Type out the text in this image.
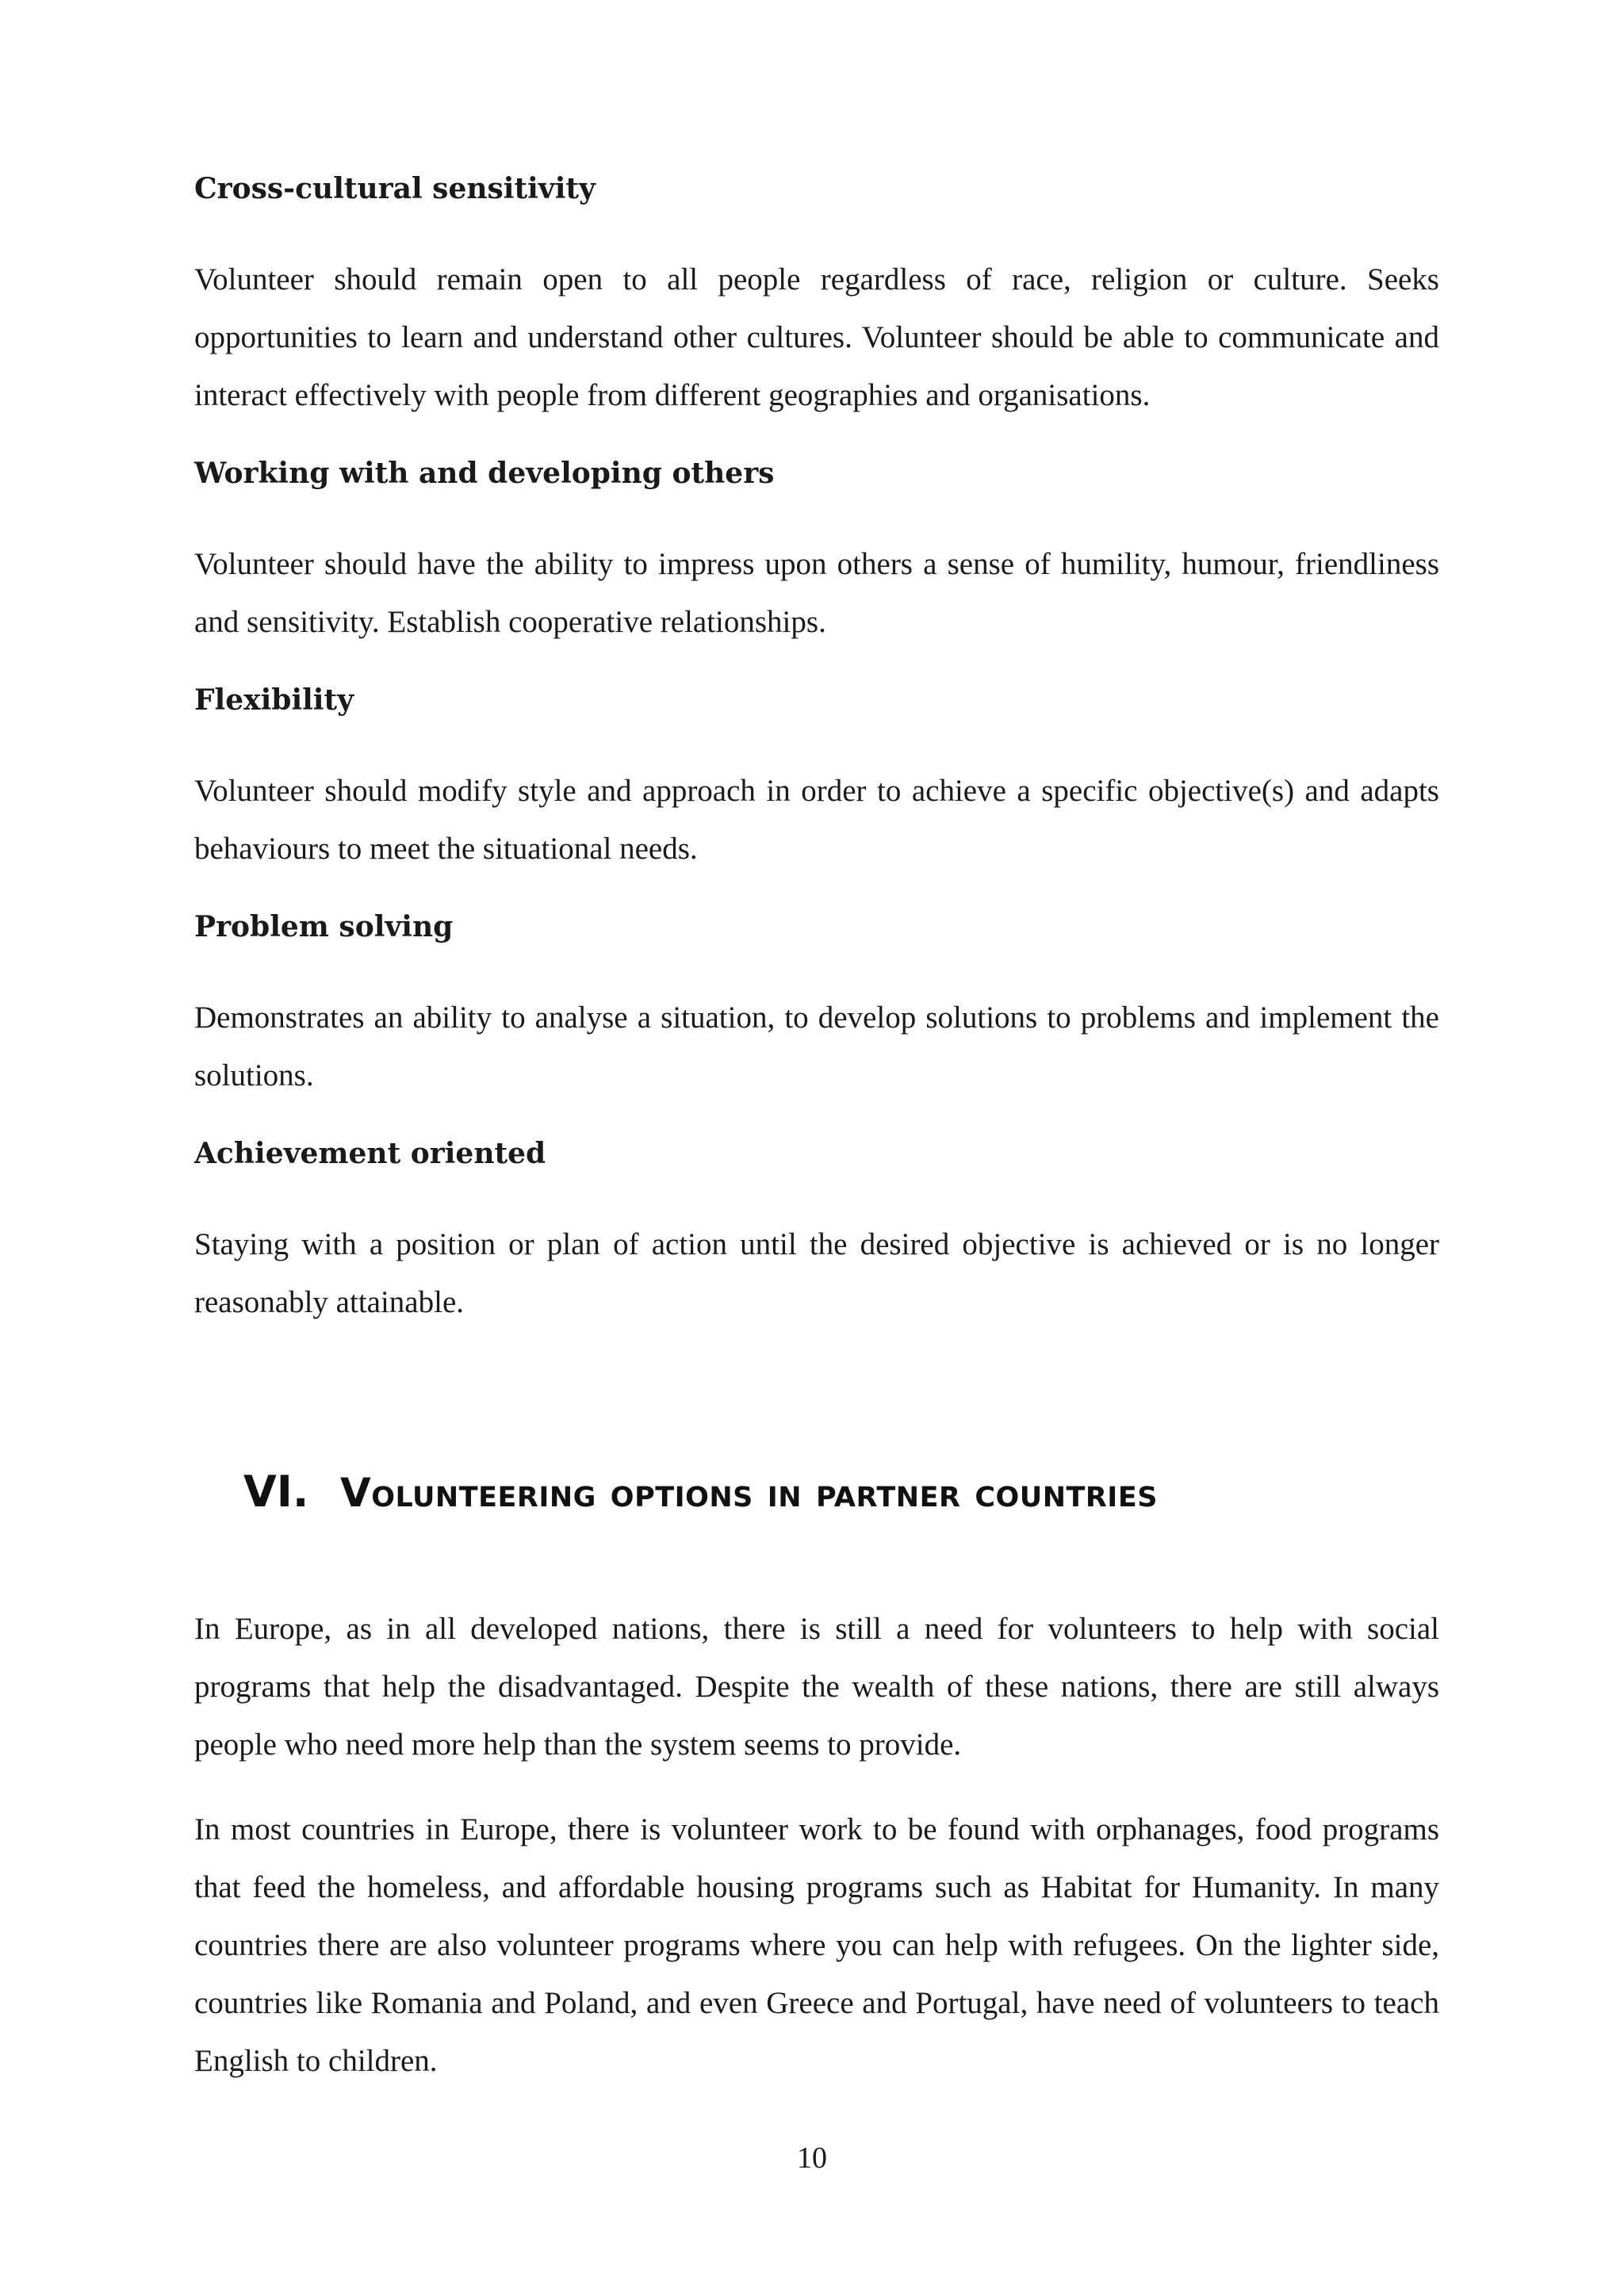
Cross-cultural sensitivity

Volunteer should remain open to all people regardless of race, religion or culture. Seeks opportunities to learn and understand other cultures. Volunteer should be able to communicate and interact effectively with people from different geographies and organisations.

Working with and developing others

Volunteer should have the ability to impress upon others a sense of humility, humour, friendliness and sensitivity. Establish cooperative relationships.

Flexibility

Volunteer should modify style and approach in order to achieve a specific objective(s) and adapts behaviours to meet the situational needs.

Problem solving

Demonstrates an ability to analyse a situation, to develop solutions to problems and implement the solutions.

Achievement oriented

Staying with a position or plan of action until the desired objective is achieved or is no longer reasonably attainable.

VI. Volunteering options in partner countries

In Europe, as in all developed nations, there is still a need for volunteers to help with social programs that help the disadvantaged. Despite the wealth of these nations, there are still always people who need more help than the system seems to provide.

In most countries in Europe, there is volunteer work to be found with orphanages, food programs that feed the homeless, and affordable housing programs such as Habitat for Humanity. In many countries there are also volunteer programs where you can help with refugees. On the lighter side, countries like Romania and Poland, and even Greece and Portugal, have need of volunteers to teach English to children.

10
